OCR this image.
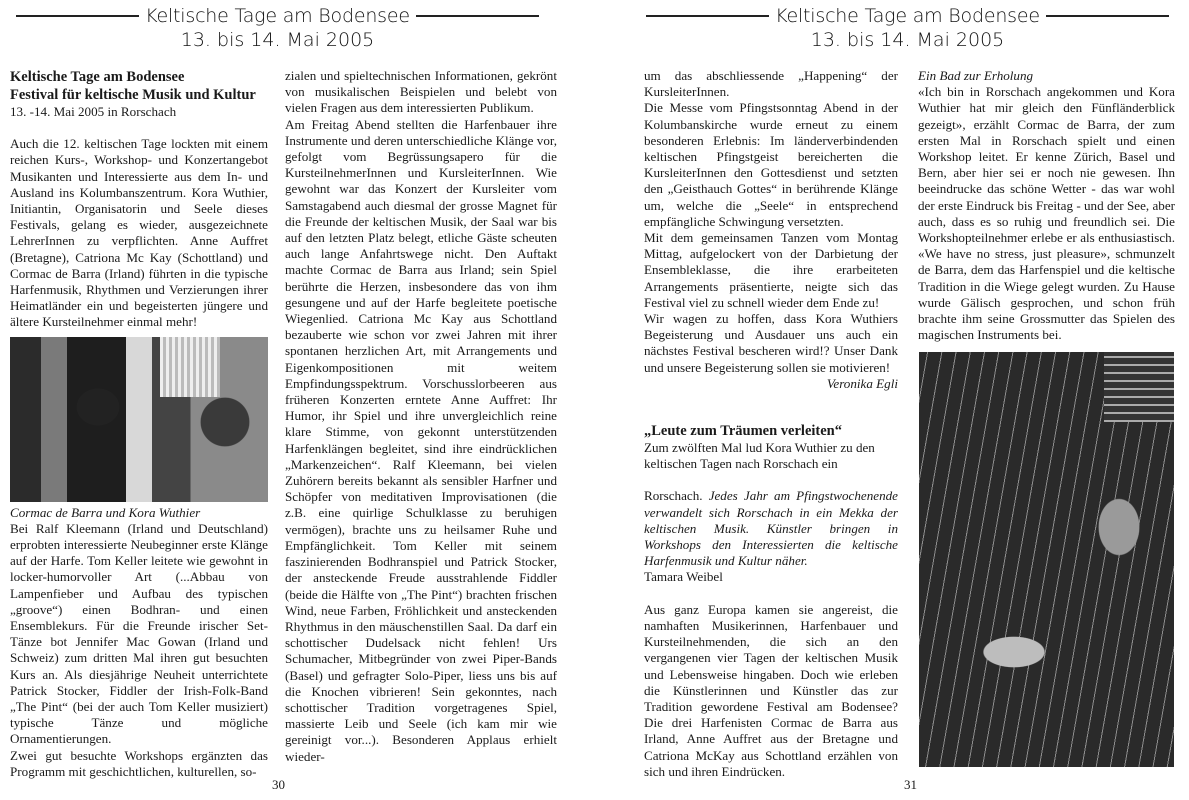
Keltische Tage am Bodensee
13. bis 14. Mai 2005
Keltische Tage am Bodensee
Festival für keltische Musik und Kultur
13. -14. Mai 2005 in Rorschach

Auch die 12. keltischen Tage lockten mit einem reichen Kurs-, Workshop- und Konzertangebot Musikanten und Interessierte aus dem In- und Ausland ins Kolumbanszentrum. Kora Wuthier, Initiantin, Organisatorin und Seele dieses Festivals, gelang es wieder, ausgezeichnete LehrerInnen zu verpflichten. Anne Auffret (Bretagne), Catriona Mc Kay (Schottland) und Cormac de Barra (Irland) führten in die typische Harfenmusik, Rhythmen und Verzierungen ihrer Heimatländer ein und begeisterten jüngere und ältere Kursteilnehmer einmal mehr!

Cormac de Barra und Kora Wuthier

Bei Ralf Kleemann (Irland und Deutschland) erprobten interessierte Neubeginner erste Klänge auf der Harfe. Tom Keller leitete wie gewohnt in locker-humorvoller Art (...Abbau von Lampenfieber und Aufbau des typischen „groove“) einen Bodhran- und einen Ensemblekurs. Für die Freunde irischer Set-Tänze bot Jennifer Mac Gowan (Irland und Schweiz) zum dritten Mal ihren gut besuchten Kurs an. Als diesjährige Neuheit unterrichtete Patrick Stocker, Fiddler der Irish-Folk-Band „The Pint“ (bei der auch Tom Keller musiziert) typische Tänze und mögliche Ornamentierungen.

Zwei gut besuchte Workshops ergänzten das Programm mit geschichtlichen, kulturellen, so-

zialen und spieltechnischen Informationen, gekrönt von musikalischen Beispielen und belebt von vielen Fragen aus dem interessierten Publikum.

Am Freitag Abend stellten die Harfenbauer ihre Instrumente und deren unterschiedliche Klänge vor, gefolgt vom Begrüssungsapero für die KursteilnehmerInnen und KursleiterInnen. Wie gewohnt war das Konzert der Kursleiter vom Samstagabend auch diesmal der grosse Magnet für die Freunde der keltischen Musik, der Saal war bis auf den letzten Platz belegt, etliche Gäste scheuten auch lange Anfahrtswege nicht. Den Auftakt machte Cormac de Barra aus Irland; sein Spiel berührte die Herzen, insbesondere das von ihm gesungene und auf der Harfe begleitete poetische Wiegenlied. Catriona Mc Kay aus Schottland bezauberte wie schon vor zwei Jahren mit ihrer spontanen herzlichen Art, mit Arrangements und Eigenkompositionen mit weitem Empfindungsspektrum. Vorschusslorbeeren aus früheren Konzerten erntete Anne Auffret: Ihr Humor, ihr Spiel und ihre unvergleichlich reine klare Stimme, von gekonnt unterstützenden Harfenklängen begleitet, sind ihre eindrücklichen „Markenzeichen“. Ralf Kleemann, bei vielen Zuhörern bereits bekannt als sensibler Harfner und Schöpfer von meditativen Improvisationen (die z.B. eine quirlige Schulklasse zu beruhigen vermögen), brachte uns zu heilsamer Ruhe und Empfänglichkeit. Tom Keller mit seinem faszinierenden Bodhranspiel und Patrick Stocker, der ansteckende Freude ausstrahlende Fiddler (beide die Hälfte von „The Pint“) brachten frischen Wind, neue Farben, Fröhlichkeit und ansteckenden Rhythmus in den mäuschenstillen Saal. Da darf ein schottischer Dudelsack nicht fehlen! Urs Schumacher, Mitbegründer von zwei Piper-Bands (Basel) und gefragter Solo-Piper, liess uns bis auf die Knochen vibrieren! Sein gekonntes, nach schottischer Tradition vorgetragenes Spiel, massierte Leib und Seele (ich kam mir wie gereinigt vor...). Besonderen Applaus erhielt wieder-

30
Keltische Tage am Bodensee
13. bis 14. Mai 2005

um das abschliessende „Happening“ der KursleiterInnen.

Die Messe vom Pfingstsonntag Abend in der Kolumbanskirche wurde erneut zu einem besonderen Erlebnis: Im länderverbindenden keltischen Pfingstgeist bereicherten die KursleiterInnen den Gottesdienst und setzten den „Geisthauch Gottes“ in berührende Klänge um, welche die „Seele“ in entsprechend empfängliche Schwingung versetzten.

Mit dem gemeinsamen Tanzen vom Montag Mittag, aufgelockert von der Darbietung der Ensembleklasse, die ihre erarbeiteten Arrangements präsentierte, neigte sich das Festival viel zu schnell wieder dem Ende zu!

Wir wagen zu hoffen, dass Kora Wuthiers Begeisterung und Ausdauer uns auch ein nächstes Festival bescheren wird!? Unser Dank und unsere Begeisterung sollen sie motivieren!

Veronika Egli

„Leute zum Träumen verleiten“

Zum zwölften Mal lud Kora Wuthier zu den keltischen Tagen nach Rorschach ein

Rorschach. Jedes Jahr am Pfingstwochenende verwandelt sich Rorschach in ein Mekka der keltischen Musik. Künstler bringen in Workshops den Interessierten die keltische Harfenmusik und Kultur näher.

Tamara Weibel

Aus ganz Europa kamen sie angereist, die namhaften Musikerinnen, Harfenbauer und Kursteilnehmenden, die sich an den vergangenen vier Tagen der keltischen Musik und Lebensweise hingaben. Doch wie erleben die Künstlerinnen und Künstler das zur Tradition gewordene Festival am Bodensee? Die drei Harfenisten Cormac de Barra aus Irland, Anne Auffret aus der Bretagne und Catriona McKay aus Schottland erzählen von sich und ihren Eindrücken.

Ein Bad zur Erholung

«Ich bin in Rorschach angekommen und Kora Wuthier hat mir gleich den Fünfländerblick gezeigt», erzählt Cormac de Barra, der zum ersten Mal in Rorschach spielt und einen Workshop leitet. Er kenne Zürich, Basel und Bern, aber hier sei er noch nie gewesen. Ihn beeindrucke das schöne Wetter - das war wohl der erste Eindruck bis Freitag - und der See, aber auch, dass es so ruhig und freundlich sei. Die Workshopteilnehmer erlebe er als enthusiastisch. «We have no stress, just pleasure», schmunzelt de Barra, dem das Harfenspiel und die keltische Tradition in die Wiege gelegt wurden. Zu Hause wurde Gälisch gesprochen, und schon früh brachte ihm seine Grossmutter das Spielen des magischen Instruments bei.

31
